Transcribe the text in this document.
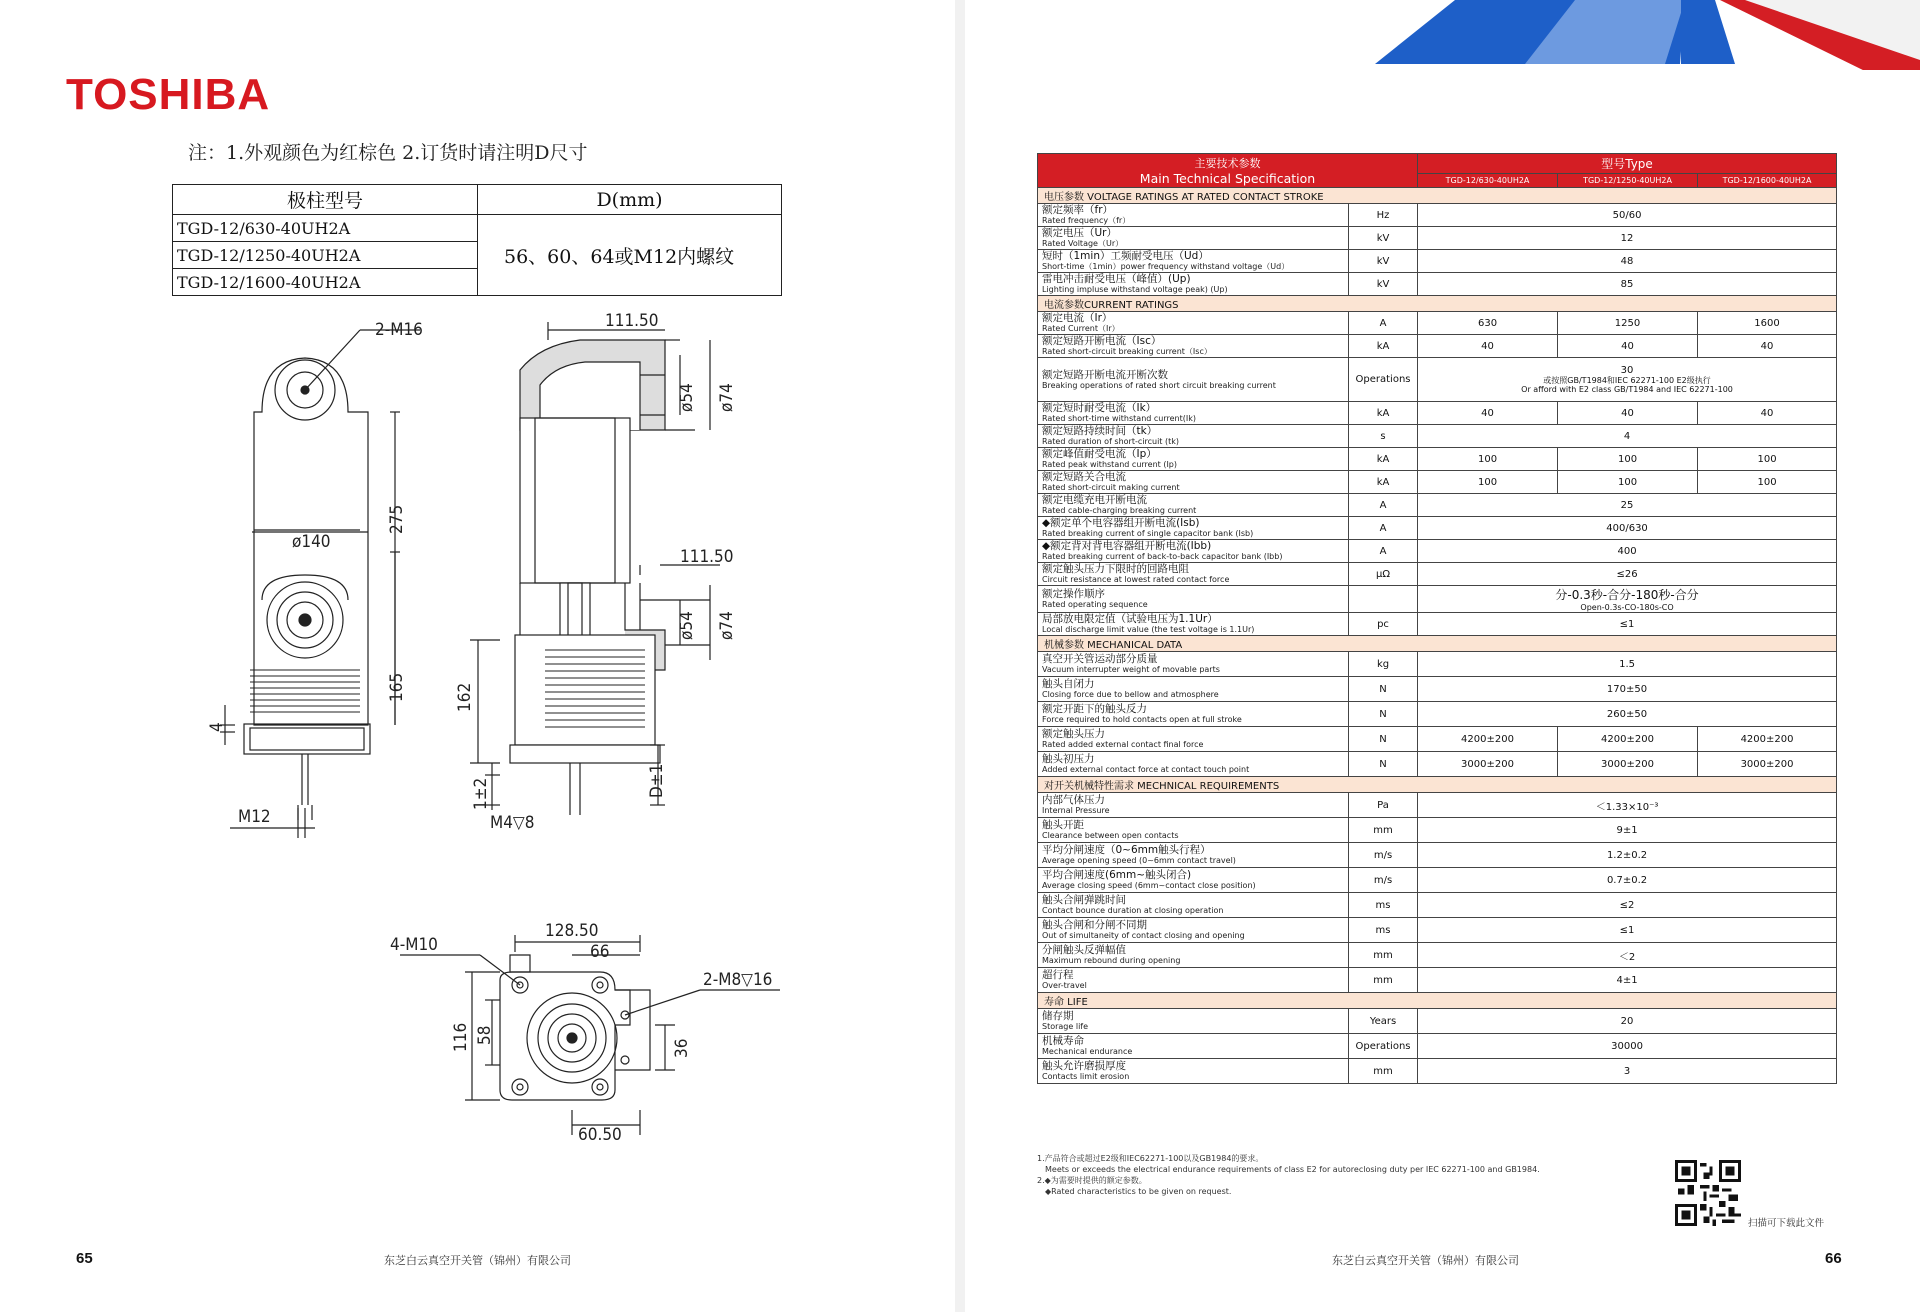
TOSHIBA
注：1.外观颜色为红棕色 2.订货时请注明D尺寸
极柱型号	D(mm)
TGD-12/630-40UH2A	56、60、64或M12内螺纹
TGD-12/1250-40UH2A	
TGD-12/1600-40UH2A	
2-M16
ø140
275
165
4
M12
111.50
ø54 ø74
111.50
ø54 ø74
162
1±2
M4▽8
D±1
4-M10
128.50
66
2-M8▽16
58
116	36
60.50
65	东芝白云真空开关管（锦州）有限公司
主要技术参数
Main Technical Specification		型号Type		
		TGD-12/630-40UH2A	TGD-12/1250-40UH2A	TGD-12/1600-40UH2A
电压参数 VOLTAGE RATINGS AT RATED CONTACT STROKE				

额定频率（fr）
Rated frequency（fr）	Hz	50/60		

额定电压（Ur）
Rated Voltage（Ur）	kV	12		

短时（1min）工频耐受电压（Ud）
Short-time（1min）power frequency withstand voltage（Ud）	kV	48		

雷电冲击耐受电压（峰值）(Up)
Lighting impluse withstand voltage peak) (Up)	kV	85		

电流参数CURRENT RATINGS				

额定电流（Ir）
Rated Current（Ir）	A	630	1250	1600

额定短路开断电流（Isc）
Rated short-circuit breaking current（Isc）	kA	40	40	40

额定短路开断电流开断次数
Breaking operations of rated short circuit breaking current	Operations	30
或按照GB/T1984和IEC 62271-100 E2级执行
Or afford with E2 class GB/T1984 and IEC 62271-100		

额定短时耐受电流（Ik）
Rated short-time withstand current(Ik)	kA	40	40	40

额定短路持续时间（tk）
Rated duration of short-circuit (tk)	s	4		

额定峰值耐受电流（Ip）
Rated peak withstand current (Ip)	kA	100	100	100

额定短路关合电流
Rated short-circuit making current	kA	100	100	100

额定电缆充电开断电流
Rated cable-charging breaking current	A	25		

◆额定单个电容器组开断电流(Isb)
Rated breaking current of single capacitor bank (Isb)	A	400/630		

◆额定背对背电容器组开断电流(Ibb)
Rated breaking current of back-to-back capacitor bank (Ibb)	A	400		

额定触头压力下限时的回路电阻
Circuit resistance at lowest rated contact force	μΩ	≤26		

额定操作顺序
Rated operating sequence		分-0.3秒-合分-180秒-合分
Open-0.3s-CO-180s-CO		

局部放电限定值（试验电压为1.1Ur）
Local discharge limit value (the test voltage is 1.1Ur)	pc	≤1		

机械参数 MECHANICAL DATA				

真空开关管运动部分质量
Vacuum interrupter weight of movable parts	kg	1.5		

触头自闭力
Closing force due to bellow and atmosphere	N	170±50		

额定开距下的触头反力
Force required to hold contacts open at full stroke	N	260±50		

额定触头压力
Rated added external contact final force	N	4200±200	4200±200	4200±200

触头初压力
Added external contact force at contact touch point	N	3000±200	3000±200	3000±200
对开关机械特性需求 MECHNICAL REQUIREMENTS				

内部气体压力
Internal Pressure	Pa	＜1.33×10⁻³		

触头开距
Clearance between open contacts	mm	9±1		

平均分闸速度（0~6mm触头行程）
Average opening speed (0~6mm contact travel)	m/s	1.2±0.2		

平均合闸速度(6mm~触头闭合)
Average closing speed (6mm~contact close position)	m/s	0.7±0.2		

触头合闸弹跳时间
Contact bounce duration at closing operation	ms	≤2		

触头合闸和分闸不同期
Out of simultaneity of contact closing and opening	ms	≤1		

分闸触头反弹幅值
Maximum rebound during opening	mm	＜2		

超行程
Over-travel	mm	4±1		

寿命 LIFE				

储存期
Storage life	Years	20		

机械寿命
Mechanical endurance	Operations	30000		

触头允许磨损厚度
Contacts limit erosion	mm	3		
1.产品符合或超过E2级和IEC62271-100以及GB1984的要求。
Meets or exceeds the electrical endurance requirements of class E2 for autoreclosing duty per IEC 62271-100 and GB1984.
2.◆为需要时提供的额定参数。
◆Rated characteristics to be given on request.
扫描可下载此文件
东芝白云真空开关管（锦州）有限公司	66
